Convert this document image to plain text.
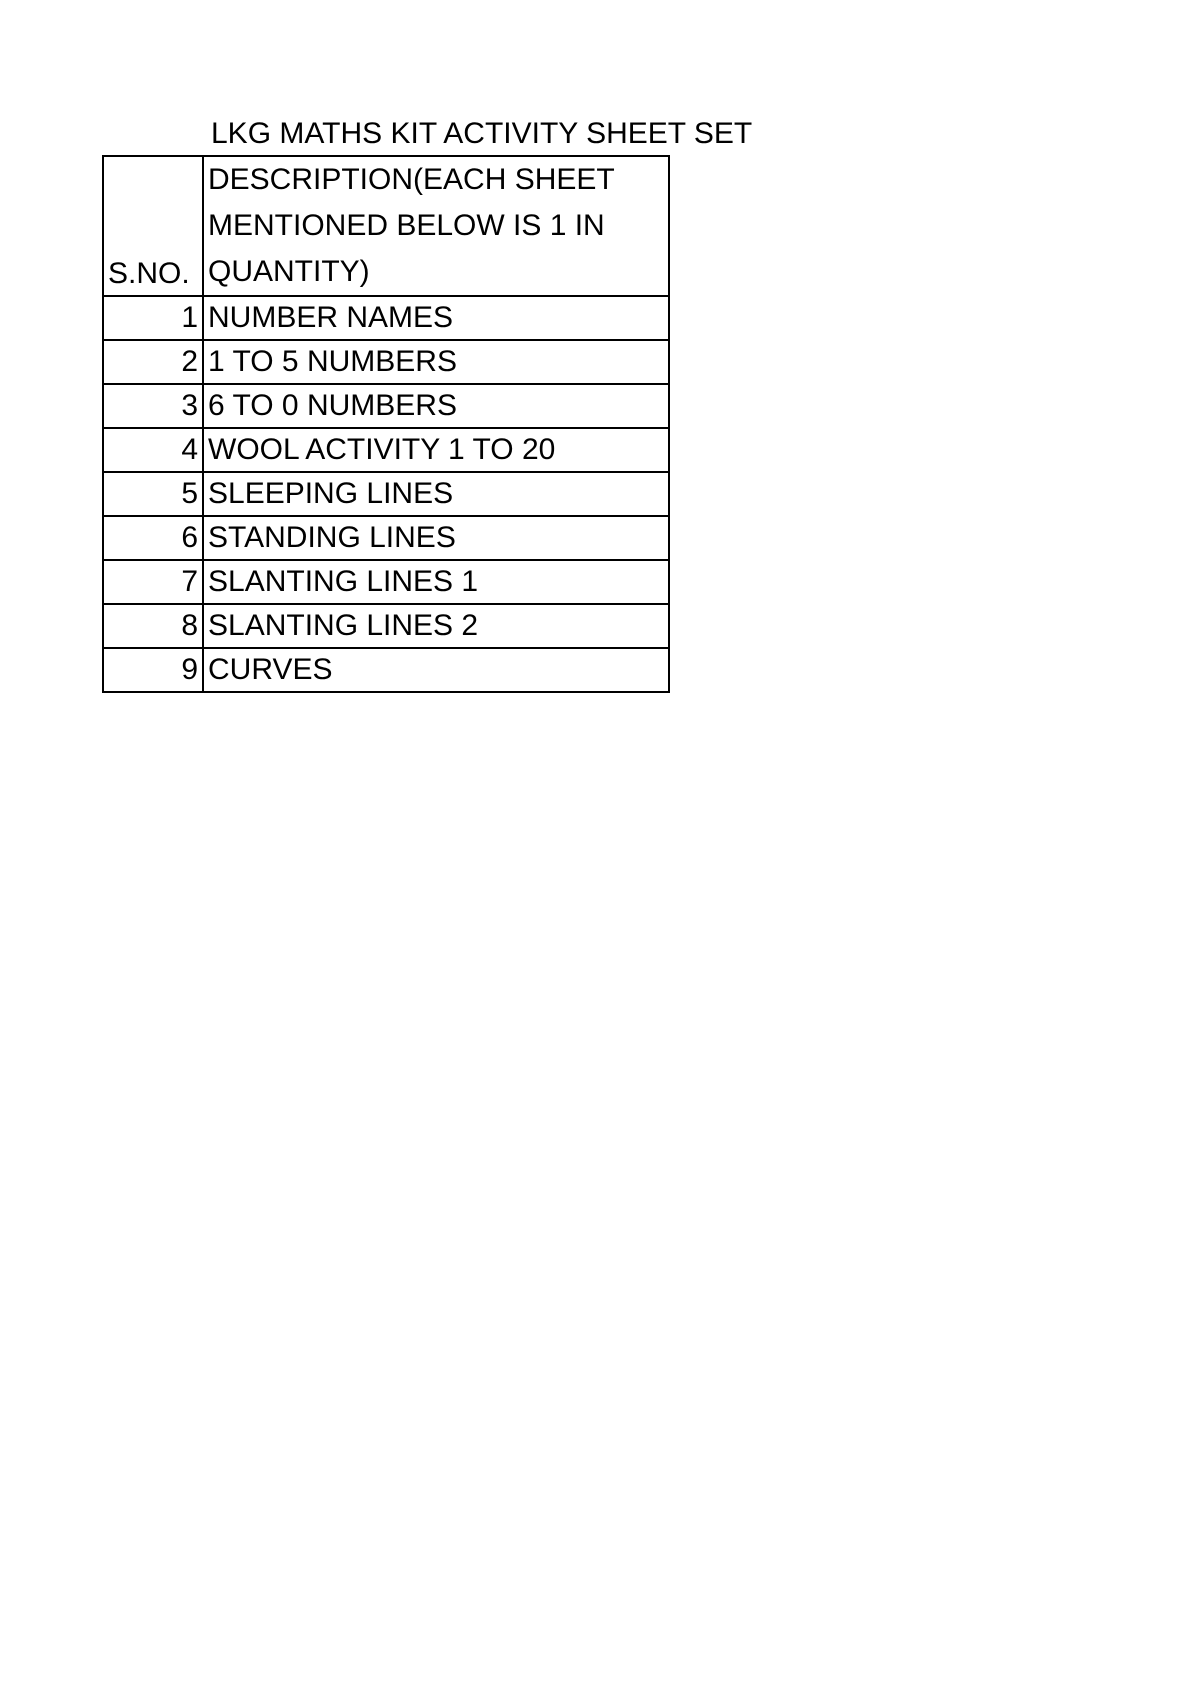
LKG MATHS KIT ACTIVITY SHEET SET
S.NO.	DESCRIPTION(EACH SHEET
MENTIONED BELOW IS 1 IN
QUANTITY)

1	NUMBER NAMES
2	1 TO 5 NUMBERS
3	6 TO 0 NUMBERS
4	WOOL ACTIVITY 1 TO 20
5	SLEEPING LINES
6	STANDING LINES
7	SLANTING LINES 1
8	SLANTING LINES 2
9	CURVES
